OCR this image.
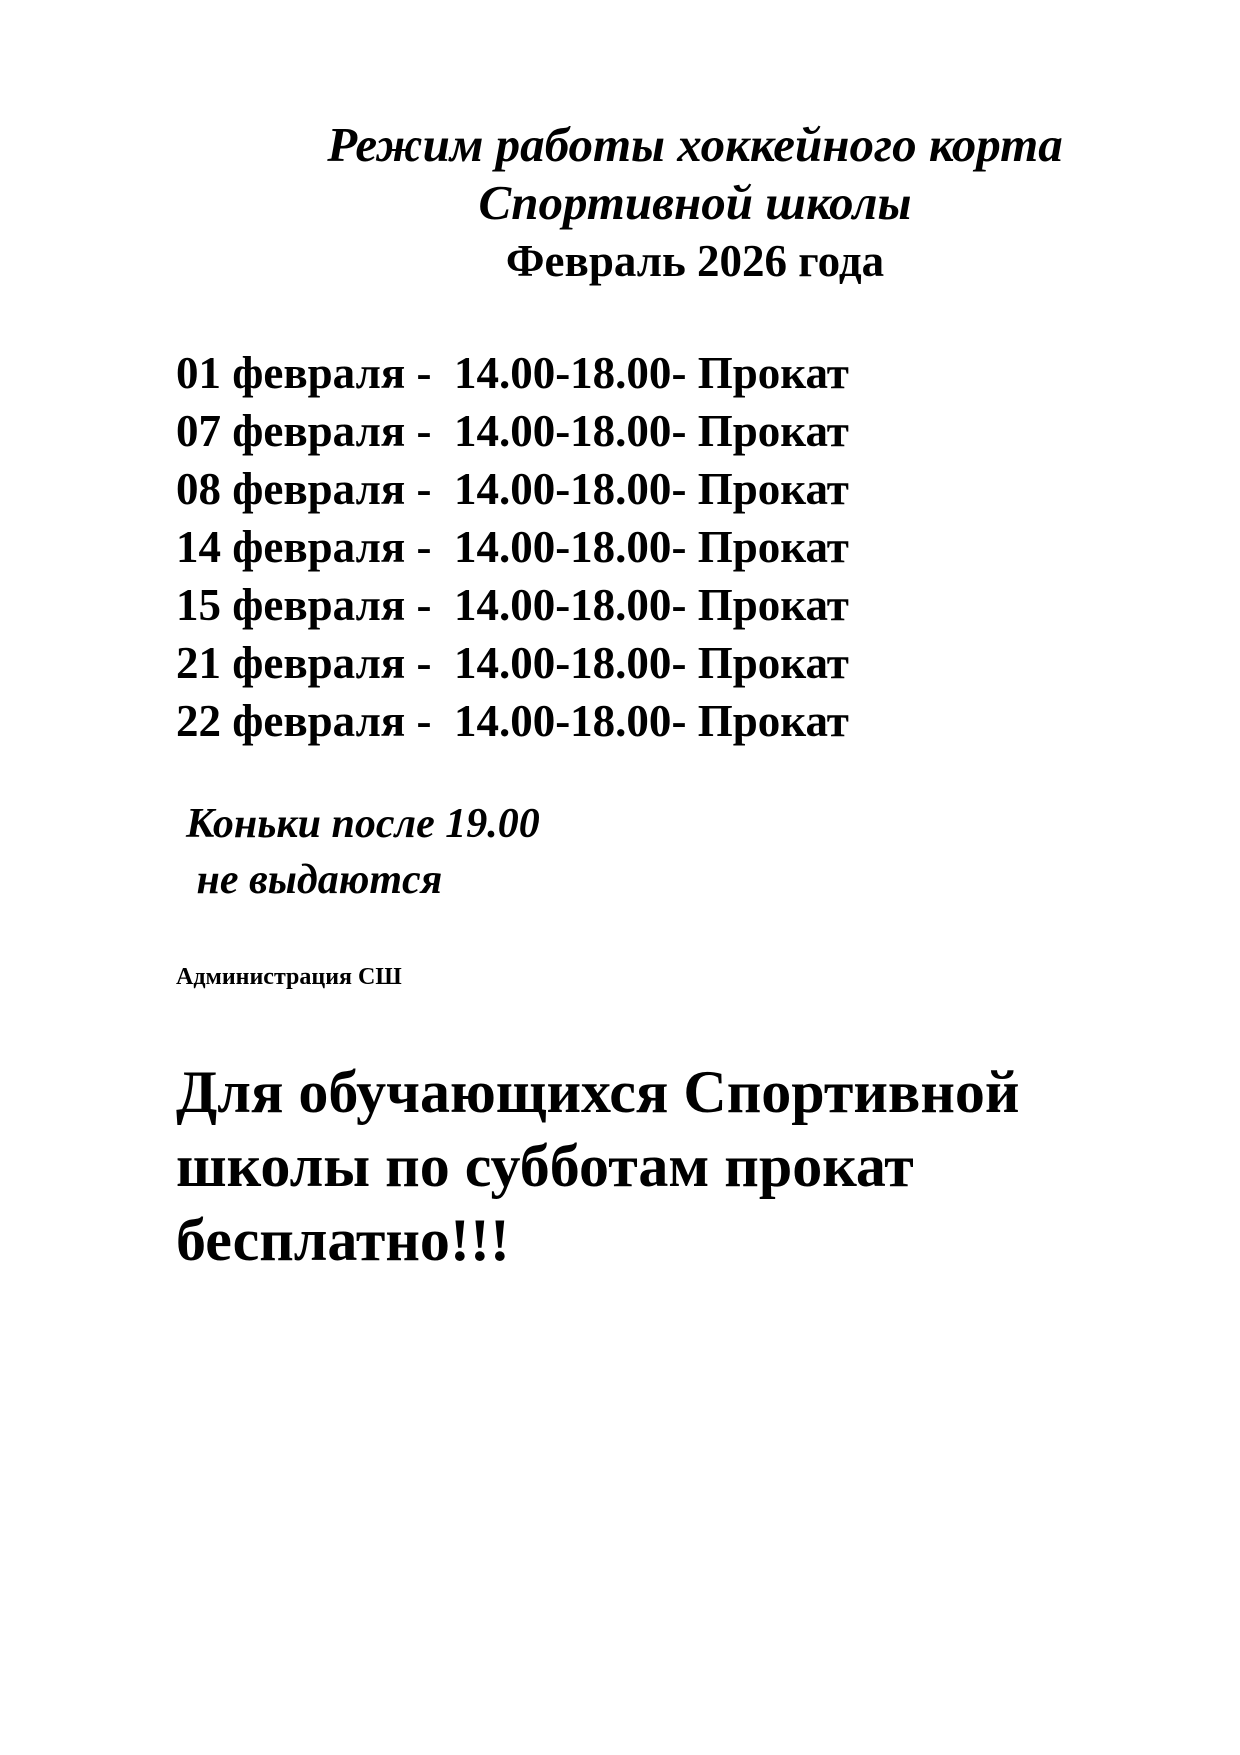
Режим работы хоккейного корта
Спортивной школы
Февраль 2026 года
01 февраля -  14.00-18.00- Прокат
07 февраля -  14.00-18.00- Прокат
08 февраля -  14.00-18.00- Прокат
14 февраля -  14.00-18.00- Прокат
15 февраля -  14.00-18.00- Прокат
21 февраля -  14.00-18.00- Прокат
22 февраля -  14.00-18.00- Прокат
Коньки после 19.00
не выдаются
Администрация СШ
Для обучающихся Спортивной школы по субботам прокат бесплатно!!!
